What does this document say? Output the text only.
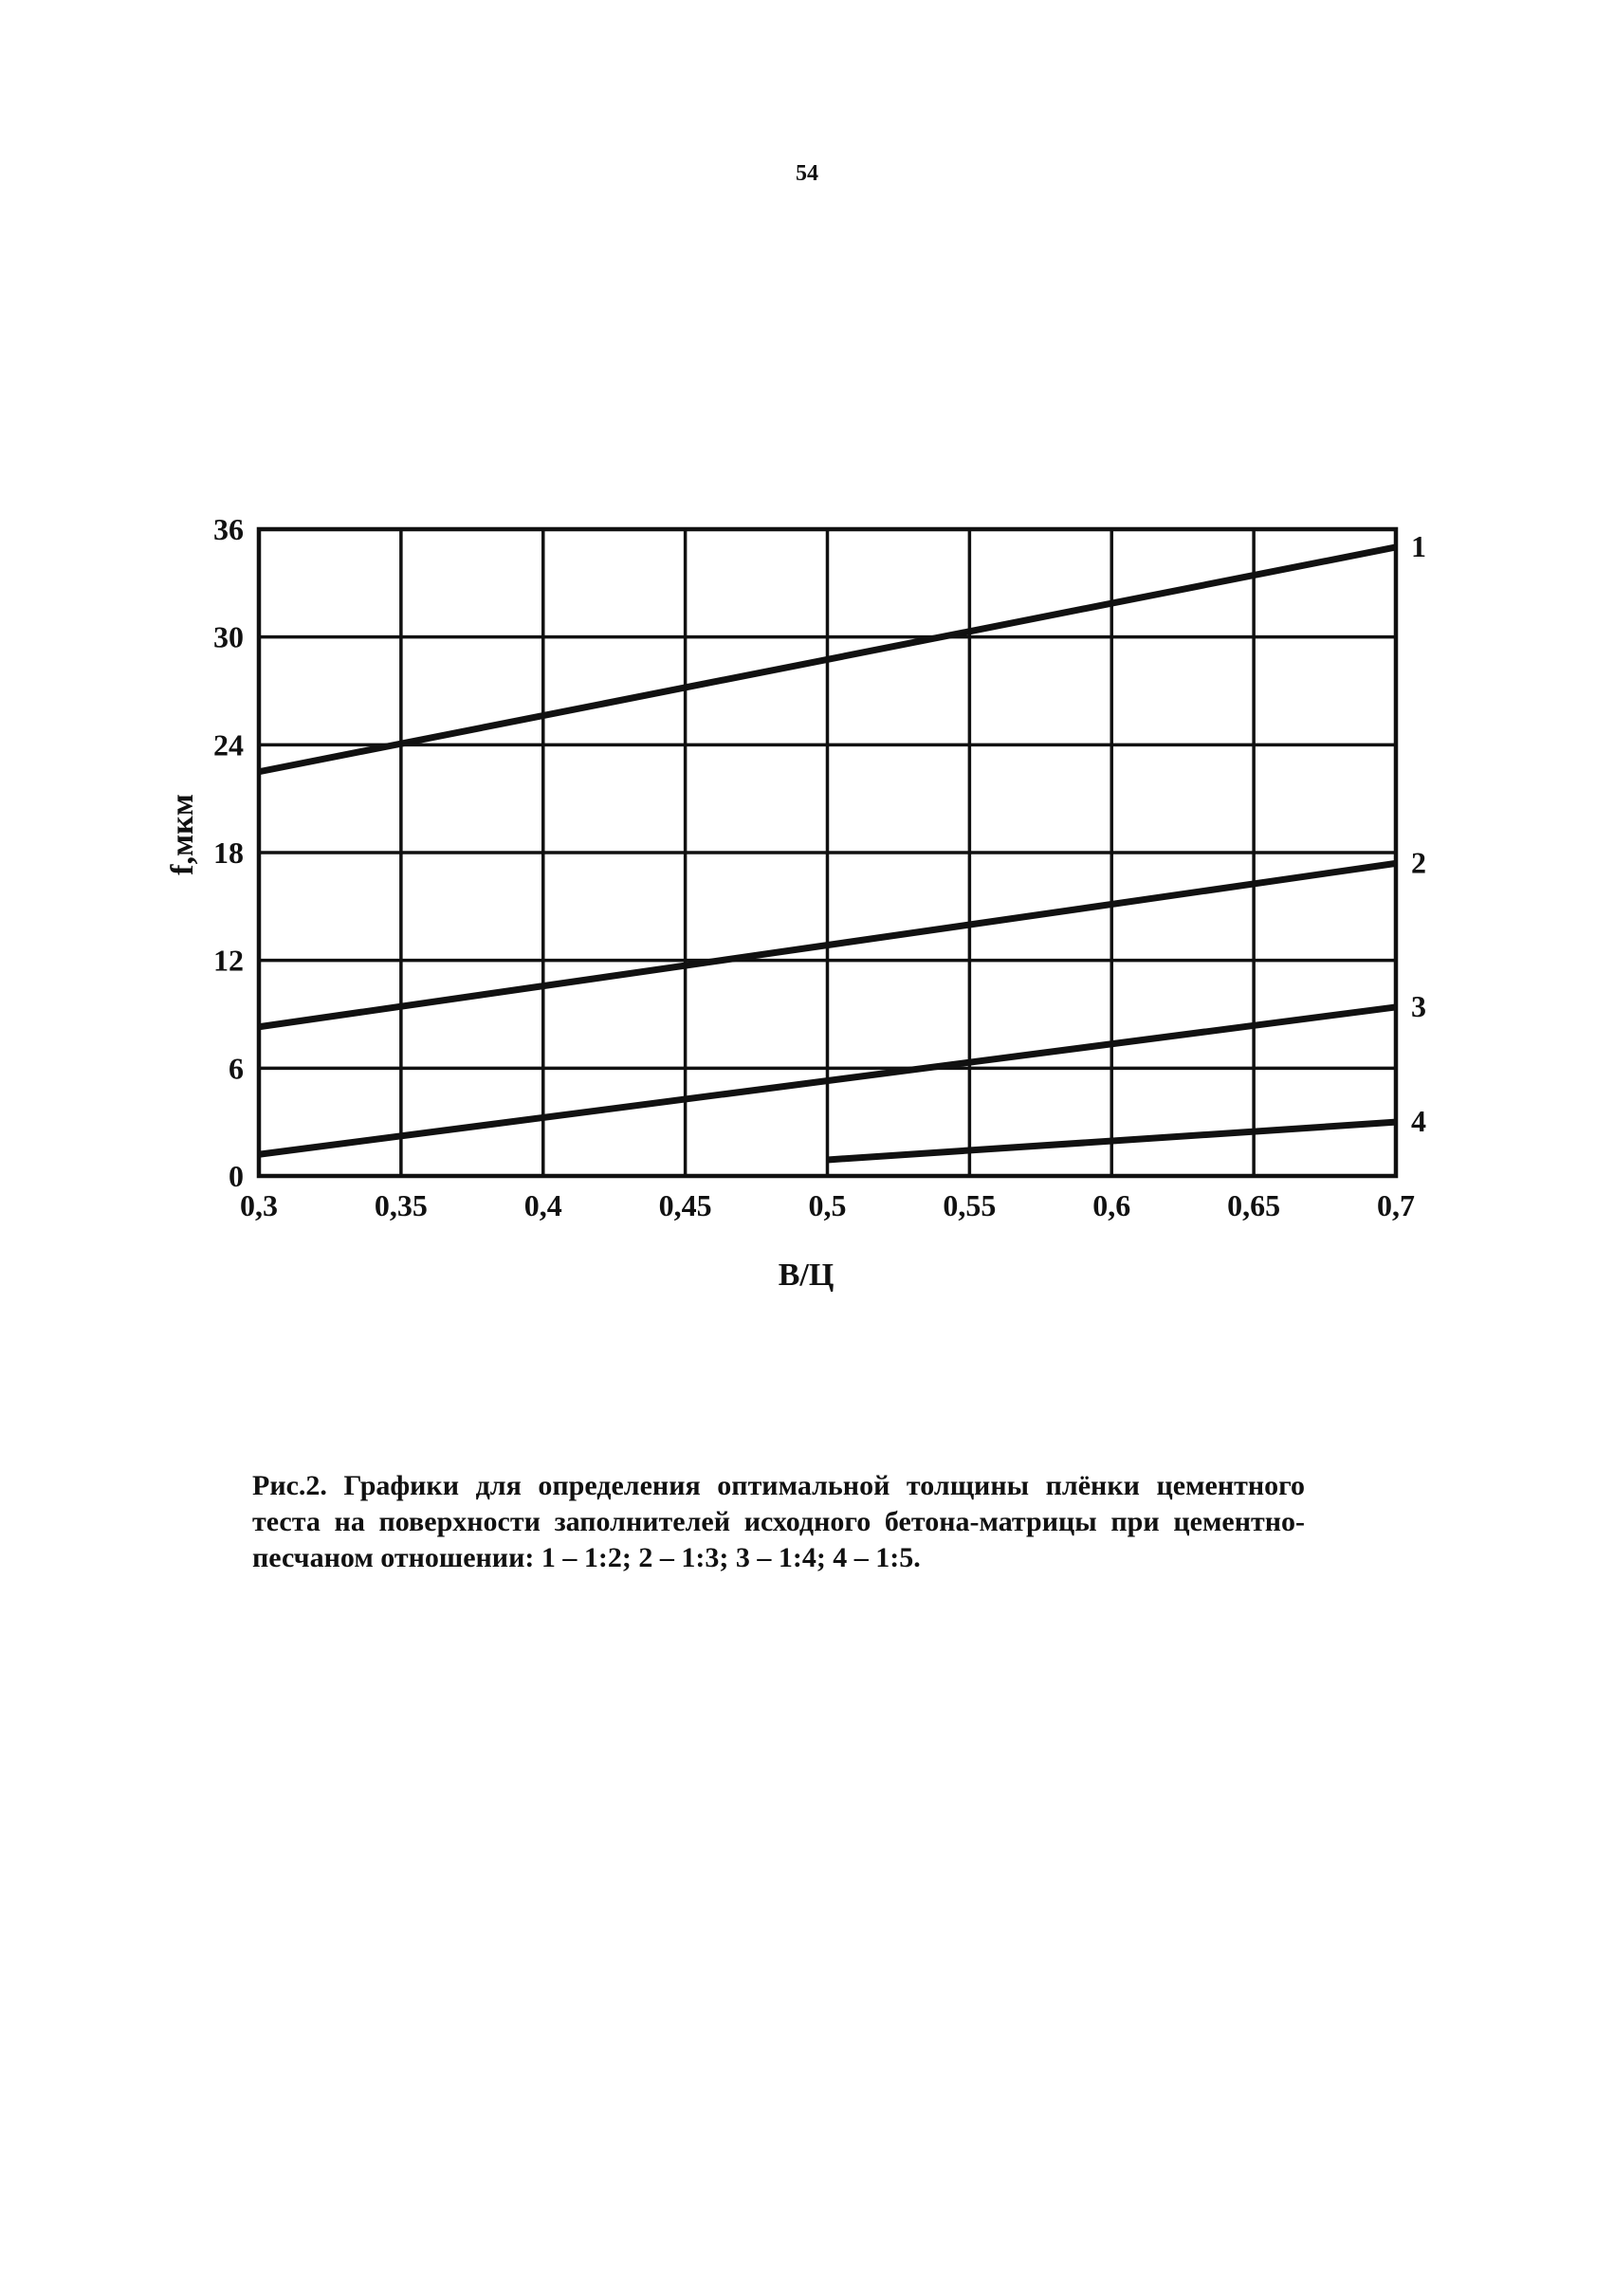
54
0,3	0,35	0,4	0,45	0,5	0,55	0,6	0,65	0,7
0
6
12
18
24
30
36	1
2
3
4
В/Ц
f,мкм
Рис.2. Графики для определения оптимальной толщины плёнки цементного теста на поверхности заполнителей исходного бетона-матрицы при цементно-песчаном отношении: 1 – 1:2; 2 – 1:3; 3 – 1:4; 4 – 1:5.
